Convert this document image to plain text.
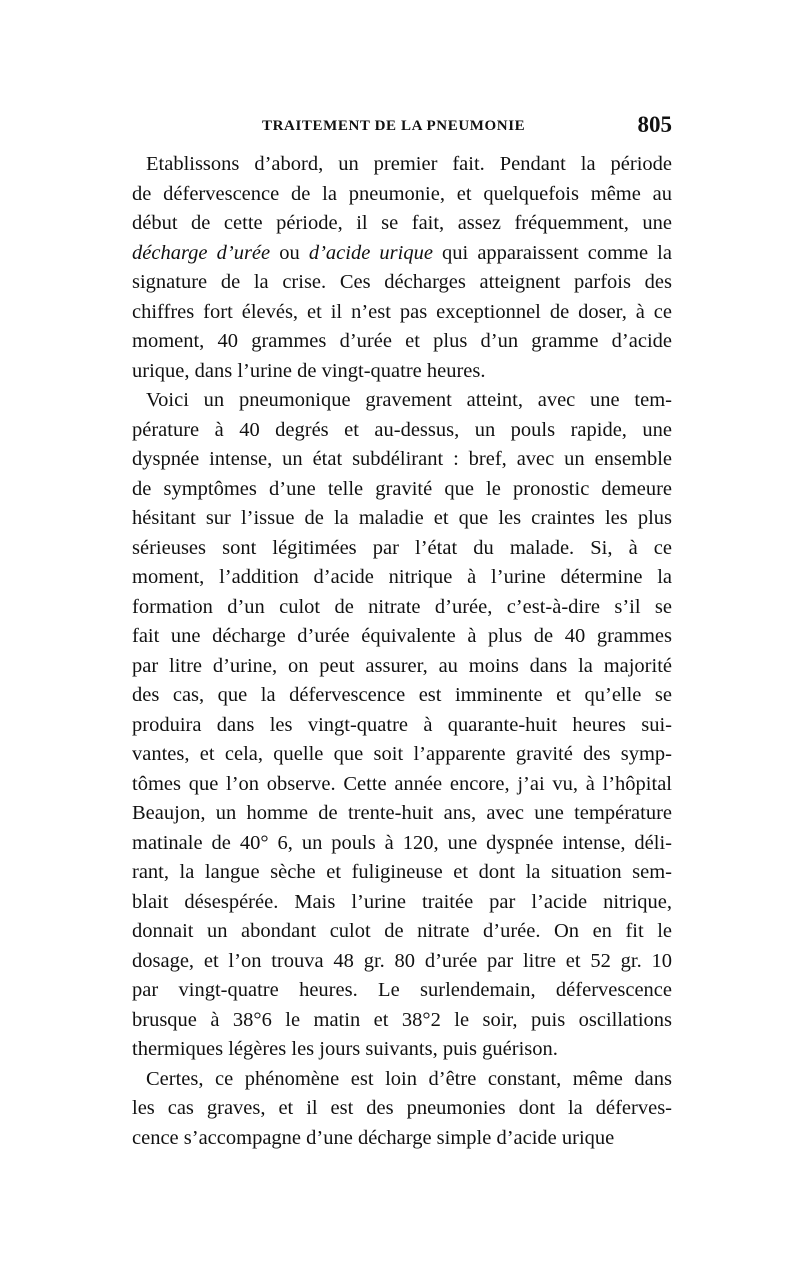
TRAITEMENT DE LA PNEUMONIE	805
Etablissons d’abord, un premier fait. Pendant la période
de défervescence de la pneumonie, et quelquefois même au
début de cette période, il se fait, assez fréquemment, une
décharge d’urée ou d’acide urique qui apparaissent comme la
signature de la crise. Ces décharges atteignent parfois des
chiffres fort élevés, et il n’est pas exceptionnel de doser, à ce
moment, 40 grammes d’urée et plus d’un gramme d’acide
urique, dans l’urine de vingt-quatre heures.
Voici un pneumonique gravement atteint, avec une tem-
pérature à 40 degrés et au-dessus, un pouls rapide, une
dyspnée intense, un état subdélirant : bref, avec un ensemble
de symptômes d’une telle gravité que le pronostic demeure
hésitant sur l’issue de la maladie et que les craintes les plus
sérieuses sont légitimées par l’état du malade. Si, à ce
moment, l’addition d’acide nitrique à l’urine détermine la
formation d’un culot de nitrate d’urée, c’est-à-dire s’il se
fait une décharge d’urée équivalente à plus de 40 grammes
par litre d’urine, on peut assurer, au moins dans la majorité
des cas, que la défervescence est imminente et qu’elle se
produira dans les vingt-quatre à quarante-huit heures sui-
vantes, et cela, quelle que soit l’apparente gravité des symp-
tômes que l’on observe. Cette année encore, j’ai vu, à l’hôpital
Beaujon, un homme de trente-huit ans, avec une température
matinale de 40° 6, un pouls à 120, une dyspnée intense, déli-
rant, la langue sèche et fuligineuse et dont la situation sem-
blait désespérée. Mais l’urine traitée par l’acide nitrique,
donnait un abondant culot de nitrate d’urée. On en fit le
dosage, et l’on trouva 48 gr. 80 d’urée par litre et 52 gr. 10
par vingt-quatre heures. Le surlendemain, défervescence
brusque à 38°6 le matin et 38°2 le soir, puis oscillations
thermiques légères les jours suivants, puis guérison.
Certes, ce phénomène est loin d’être constant, même dans
les cas graves, et il est des pneumonies dont la déferves-
cence s’accompagne d’une décharge simple d’acide urique
